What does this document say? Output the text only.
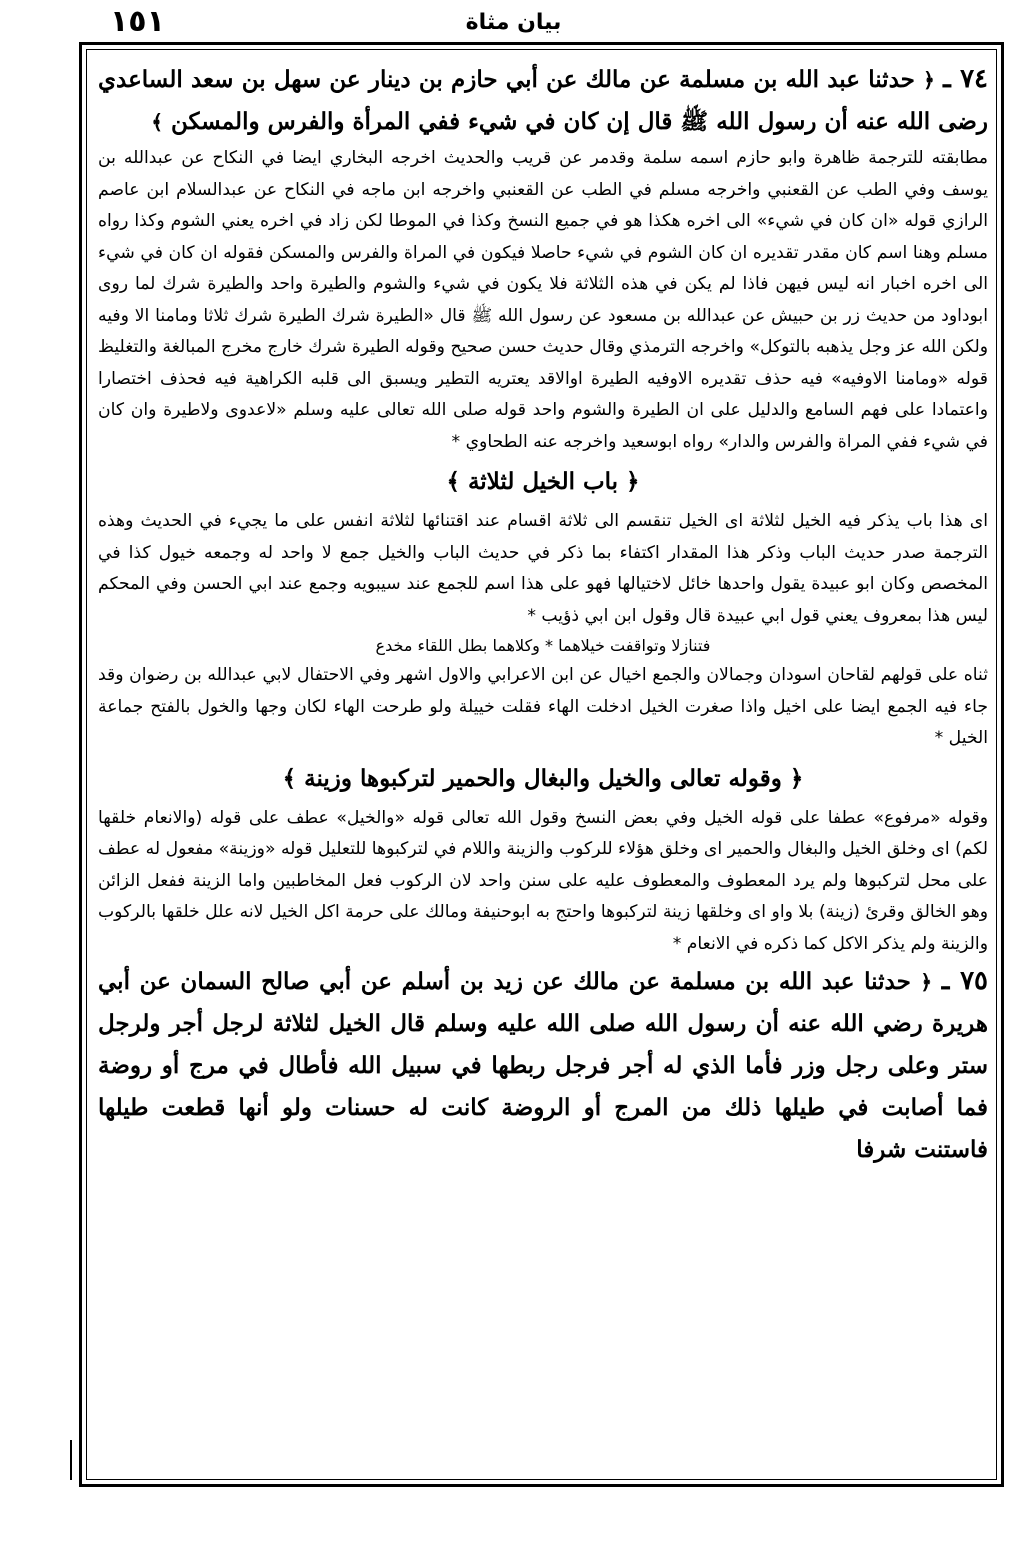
١٥١	بیان مثاة

٧٤ ـ ﴿ حدثنا عبد الله بن مسلمة عن مالك عن أبي حازم بن دينار عن سهل بن سعد الساعدي رضی الله عنه أن رسول الله ﷺ قال إن كان في شيء ففي المرأة والفرس والمسكن ﴾

مطابقته للترجمة ظاهرة وابو حازم اسمه سلمة وقدمر عن قريب والحديث اخرجه البخاري ايضا في النكاح عن عبدالله بن يوسف وفي الطب عن القعنبي واخرجه مسلم في الطب عن القعنبي واخرجه ابن ماجه في النكاح عن عبدالسلام ابن عاصم الرازي قوله «ان كان في شيء» الى اخره هكذا هو في جميع النسخ وكذا في الموطا لكن زاد في اخره يعني الشوم وكذا رواه مسلم وهنا اسم كان مقدر تقديره ان كان الشوم في شيء حاصلا فيكون في المراة والفرس والمسكن فقوله ان كان في شيء الى اخره اخبار انه ليس فيهن فاذا لم يكن في هذه الثلاثة فلا يكون في شيء والشوم والطيرة واحد والطيرة شرك لما روى ابوداود من حديث زر بن حبيش عن عبدالله بن مسعود عن رسول الله ﷺ قال «الطيرة شرك الطيرة شرك ثلاثا ومامنا الا وفيه ولكن الله عز وجل يذهبه بالتوكل» واخرجه الترمذي وقال حديث حسن صحيح وقوله الطيرة شرك خارج مخرج المبالغة والتغليظ قوله «ومامنا الاوفيه» فيه حذف تقديره الاوفيه الطيرة اوالاقد يعتريه التطير ويسبق الى قلبه الكراهية فيه فحذف اختصارا واعتمادا على فهم السامع والدليل على ان الطيرة والشوم واحد قوله صلى الله تعالى عليه وسلم «لاعدوى ولاطيرة وان كان في شيء ففي المراة والفرس والدار» رواه ابوسعيد واخرجه عنه الطحاوي *

﴿ باب الخيل لثلاثة ﴾

اى هذا باب يذكر فيه الخيل لثلاثة اى الخيل تنقسم الى ثلاثة اقسام عند اقتنائها لثلاثة انفس على ما يجيء في الحديث وهذه الترجمة صدر حديث الباب وذكر هذا المقدار اكتفاء بما ذكر في حديث الباب والخيل جمع لا واحد له وجمعه خيول كذا في المخصص وكان ابو عبيدة يقول واحدها خائل لاختيالها فهو على هذا اسم للجمع عند سيبويه وجمع عند ابي الحسن وفي المحكم ليس هذا بمعروف يعني قول ابي عبيدة قال وقول ابن ابي ذؤيب *

فتنازلا وتواقفت خيلاهما * وكلاهما بطل اللقاء مخدع

ثناه على قولهم لقاحان اسودان وجمالان والجمع اخيال عن ابن الاعرابي والاول اشهر وفي الاحتفال لابي عبدالله بن رضوان وقد جاء فيه الجمع ايضا على اخيل واذا صغرت الخيل ادخلت الهاء فقلت خييلة ولو طرحت الهاء لكان وجها والخول بالفتح جماعة الخيل *

﴿ وقوله تعالى والخيل والبغال والحمير لتركبوها وزينة ﴾

وقوله «مرفوع» عطفا على قوله الخيل وفي بعض النسخ وقول الله تعالى قوله «والخيل» عطف على قوله (والانعام خلقها لكم) اى وخلق الخيل والبغال والحمير اى وخلق هؤلاء للركوب والزينة واللام في لتركبوها للتعليل قوله «وزينة» مفعول له عطف على محل لتركبوها ولم يرد المعطوف والمعطوف عليه على سنن واحد لان الركوب فعل المخاطبين واما الزينة ففعل الزائن وهو الخالق وقرئ (زينة) بلا واو اى وخلقها زينة لتركبوها واحتج به ابوحنيفة ومالك على حرمة اكل الخيل لانه علل خلقها بالركوب والزينة ولم يذكر الاكل كما ذكره في الانعام *

٧٥ ـ ﴿ حدثنا عبد الله بن مسلمة عن مالك عن زيد بن أسلم عن أبي صالح السمان عن أبي هريرة رضي الله عنه أن رسول الله صلى الله عليه وسلم قال الخيل لثلاثة لرجل أجر ولرجل ستر وعلى رجل وزر فأما الذي له أجر فرجل ربطها في سبيل الله فأطال في مرج أو روضة فما أصابت في طيلها ذلك من المرج أو الروضة كانت له حسنات ولو أنها قطعت طيلها فاستنت شرفا
